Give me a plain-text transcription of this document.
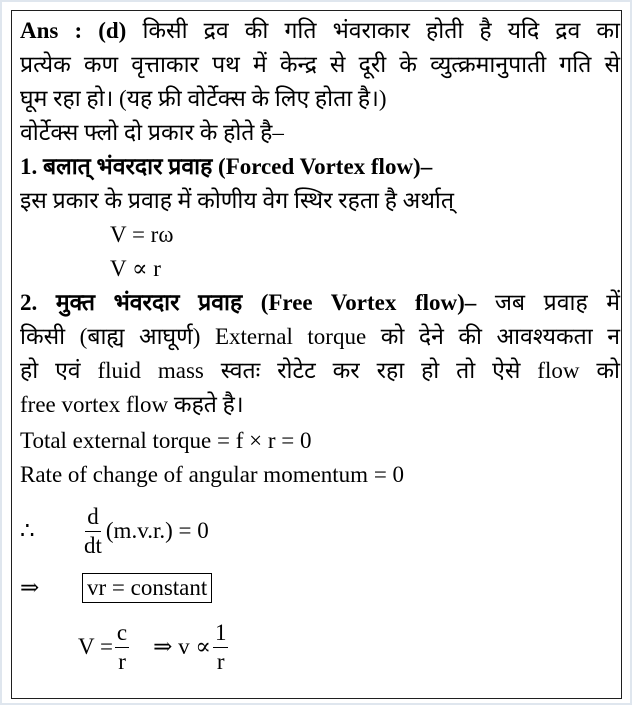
Ans : (d) किसी द्रव की गति भंवराकार होती है यदि द्रव का
प्रत्येक कण वृत्ताकार पथ में केन्द्र से दूरी के व्युत्क्रमानुपाती गति से
घूम रहा हो। (यह फ्री वोर्टेक्स के लिए होता है।)
वोर्टेक्स फ्लो दो प्रकार के होते है–
1. बलात् भंवरदार प्रवाह (Forced Vortex flow)–
इस प्रकार के प्रवाह में कोणीय वेग स्थिर रहता है अर्थात्
V = rω
V ∝ r
2. मुक्त भंवरदार प्रवाह (Free Vortex flow)– जब प्रवाह में
किसी (बाह्य आघूर्ण) External torque को देने की आवश्यकता न
हो एवं fluid mass स्वतः रोटेट कर रहा हो तो ऐसे flow को
free vortex flow कहते है।
Total external torque = f × r = 0
Rate of change of angular momentum = 0
∴	$\frac{d}{dt} (m.v.r.) = 0$
⇒	vr = constant
$V = \frac{c}{r}$ ⇒ $v \propto \frac{1}{r}$
